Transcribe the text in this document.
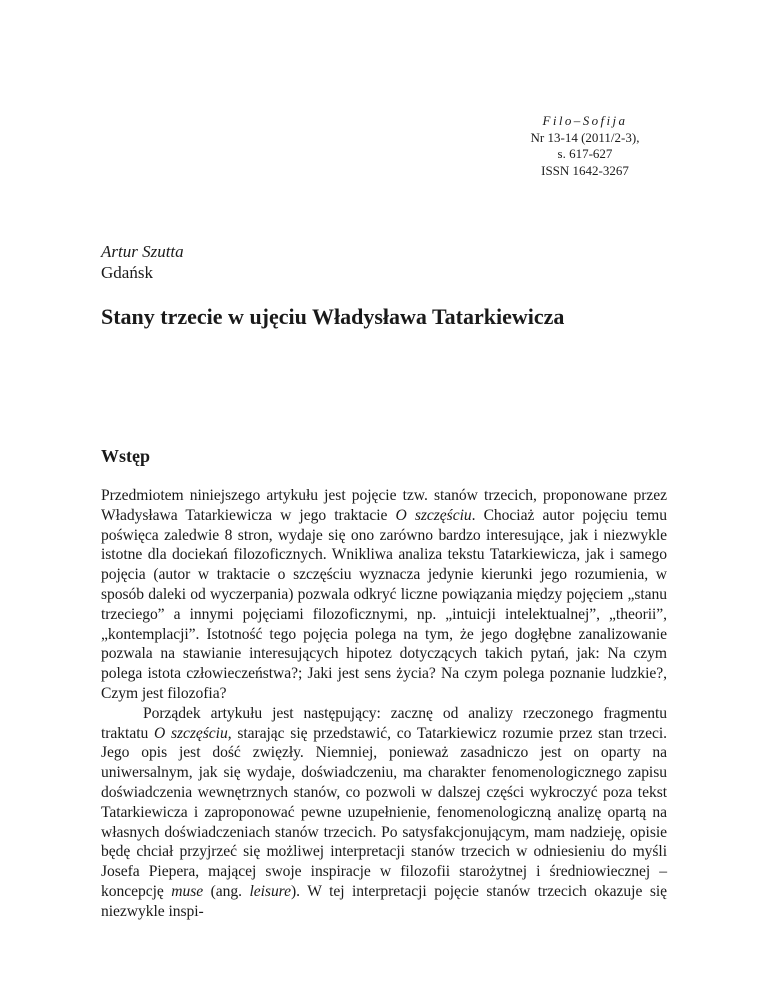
Filo–Sofija
Nr 13-14 (2011/2-3),
s. 617-627
ISSN 1642-3267
Artur Szutta
Gdańsk
Stany trzecie w ujęciu Władysława Tatarkiewicza
Wstęp

Przedmiotem niniejszego artykułu jest pojęcie tzw. stanów trzecich, proponowane przez Władysława Tatarkiewicza w jego traktacie O szczęściu. Chociaż autor pojęciu temu poświęca zaledwie 8 stron, wydaje się ono zarówno bardzo interesujące, jak i niezwykle istotne dla dociekań filozoficznych. Wnikliwa analiza tekstu Tatarkiewicza, jak i samego pojęcia (autor w traktacie o szczęściu wyznacza jedynie kierunki jego rozumienia, w sposób daleki od wyczerpania) pozwala odkryć liczne powiązania między pojęciem „stanu trzeciego” a innymi pojęciami filozoficznymi, np. „intuicji intelektualnej”, „theorii”, „kontemplacji”. Istotność tego pojęcia polega na tym, że jego dogłębne zanalizowanie pozwala na stawianie interesujących hipotez dotyczących takich pytań, jak: Na czym polega istota człowieczeństwa?; Jaki jest sens życia? Na czym polega poznanie ludzkie?, Czym jest filozofia?

Porządek artykułu jest następujący: zacznę od analizy rzeczonego fragmentu traktatu O szczęściu, starając się przedstawić, co Tatarkiewicz rozumie przez stan trzeci. Jego opis jest dość zwięzły. Niemniej, ponieważ zasadniczo jest on oparty na uniwersalnym, jak się wydaje, doświadczeniu, ma charakter fenomenologicznego zapisu doświadczenia wewnętrznych stanów, co pozwoli w dalszej części wykroczyć poza tekst Tatarkiewicza i zaproponować pewne uzupełnienie, fenomenologiczną analizę opartą na własnych doświadczeniach stanów trzecich. Po satysfakcjonującym, mam nadzieję, opisie będę chciał przyjrzeć się możliwej interpretacji stanów trzecich w odniesieniu do myśli Josefa Piepera, mającej swoje inspiracje w filozofii starożytnej i średniowiecznej – koncepcję muse (ang. leisure). W tej interpretacji pojęcie stanów trzecich okazuje się niezwykle inspi-
